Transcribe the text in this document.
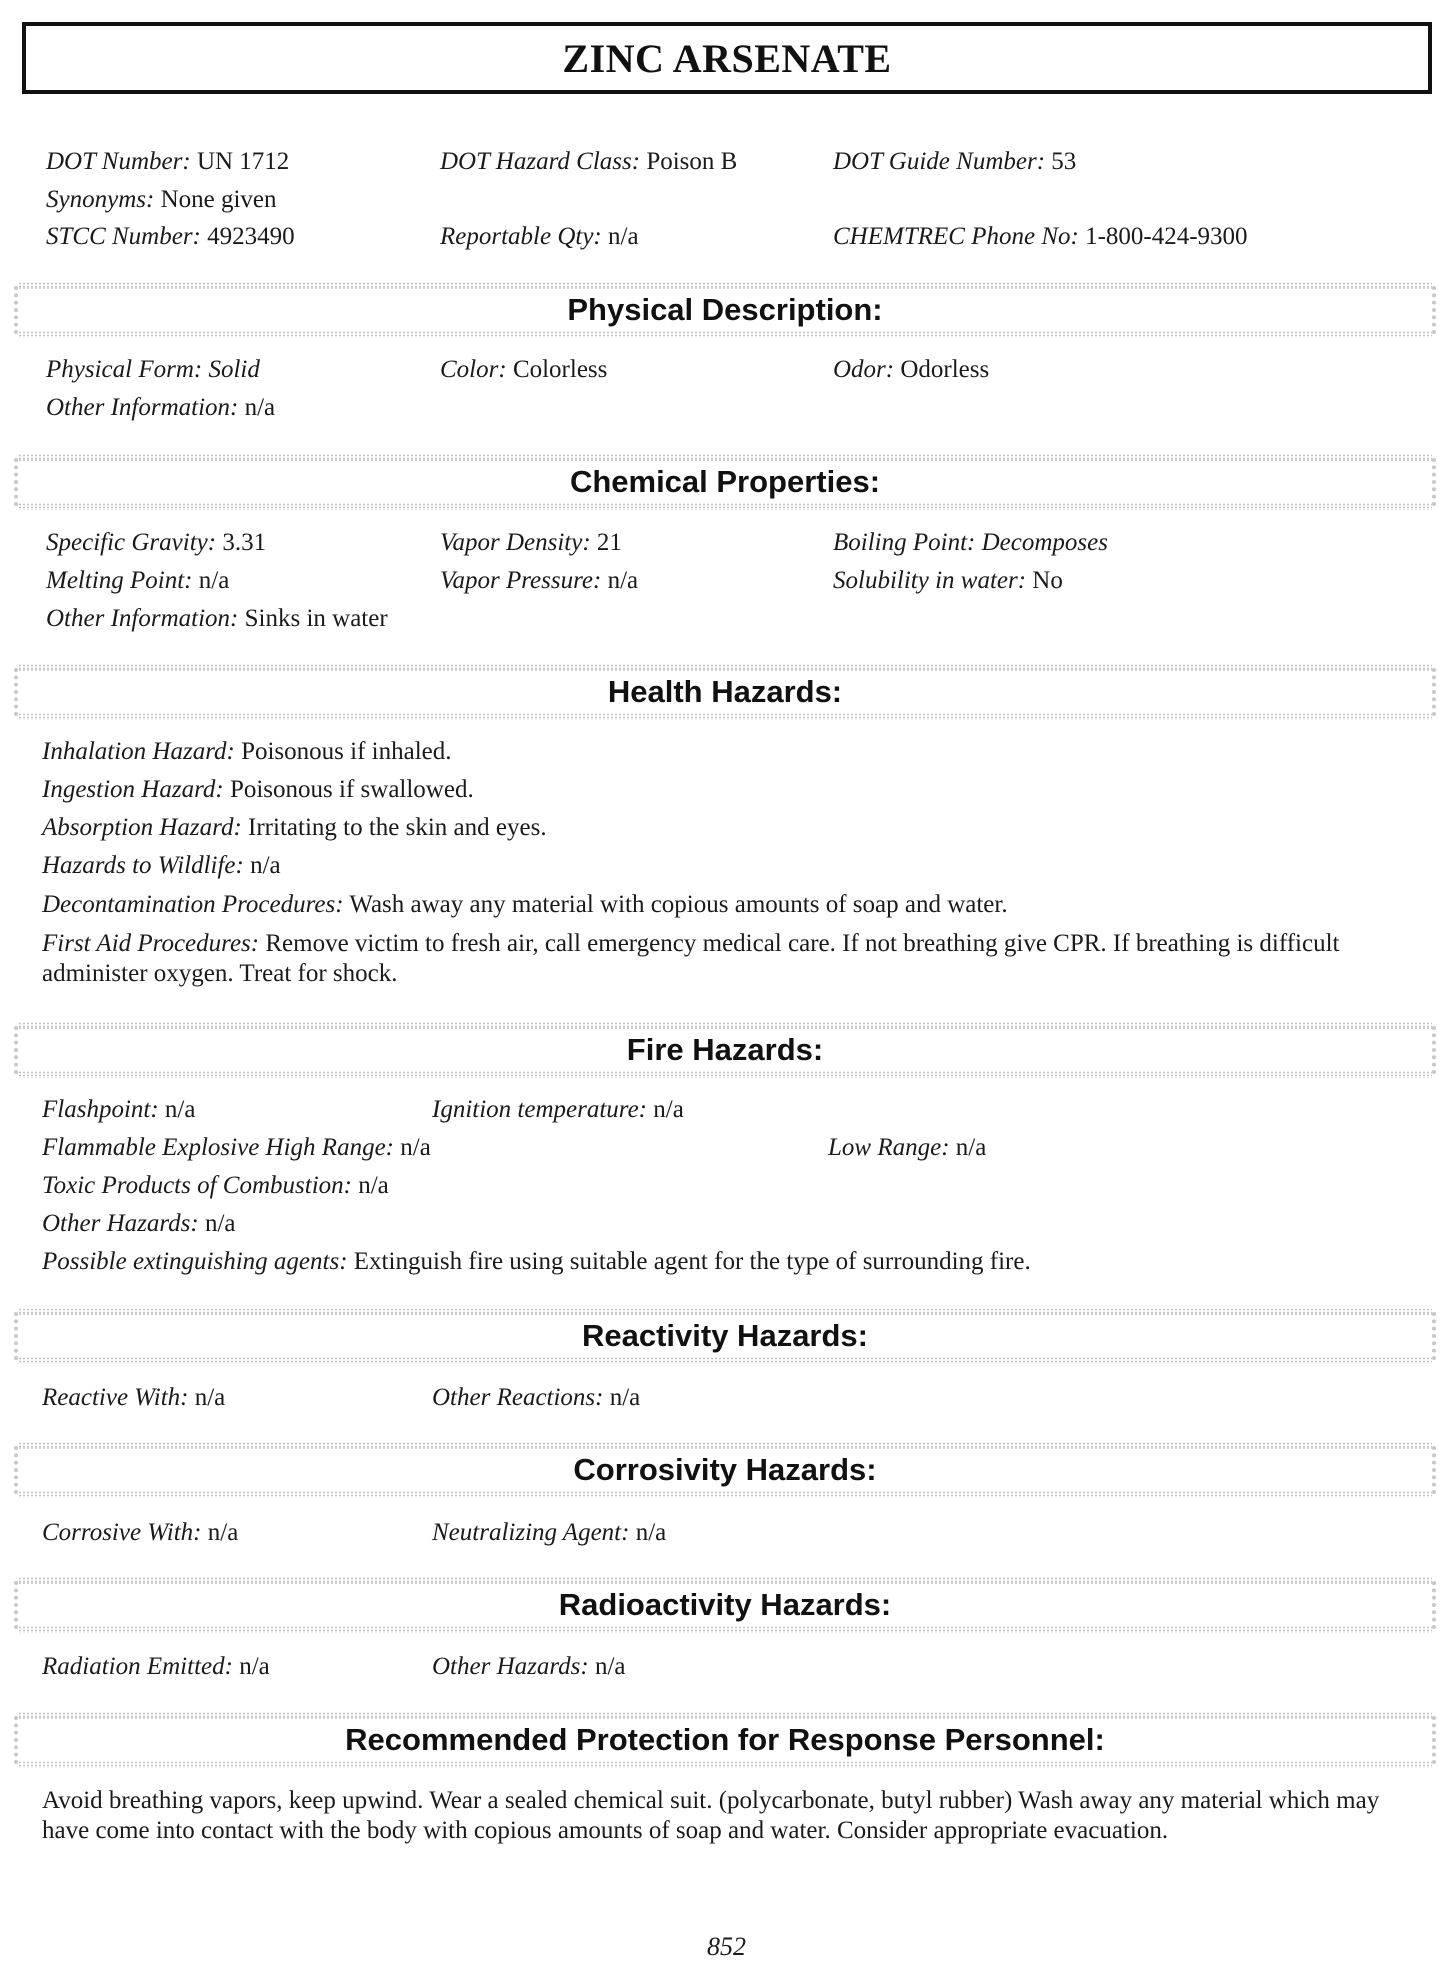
ZINC ARSENATE
DOT Number: UN 1712	DOT Hazard Class: Poison B	DOT Guide Number: 53
Synonyms: None given
STCC Number: 4923490	Reportable Qty: n/a	CHEMTREC Phone No: 1-800-424-9300
Physical Description:
Physical Form: Solid	Color: Colorless	Odor: Odorless
Other Information: n/a
Chemical Properties:
Specific Gravity: 3.31	Vapor Density: 21	Boiling Point: Decomposes
Melting Point: n/a	Vapor Pressure: n/a	Solubility in water: No
Other Information: Sinks in water
Health Hazards:
Inhalation Hazard: Poisonous if inhaled.
Ingestion Hazard: Poisonous if swallowed.
Absorption Hazard: Irritating to the skin and eyes.
Hazards to Wildlife: n/a
Decontamination Procedures: Wash away any material with copious amounts of soap and water.
First Aid Procedures: Remove victim to fresh air, call emergency medical care. If not breathing give CPR. If breathing is difficult administer oxygen. Treat for shock.
Fire Hazards:
Flashpoint: n/a	Ignition temperature: n/a
Flammable Explosive High Range: n/a	Low Range: n/a
Toxic Products of Combustion: n/a
Other Hazards: n/a
Possible extinguishing agents: Extinguish fire using suitable agent for the type of surrounding fire.
Reactivity Hazards:
Reactive With: n/a	Other Reactions: n/a
Corrosivity Hazards:
Corrosive With: n/a	Neutralizing Agent: n/a
Radioactivity Hazards:
Radiation Emitted: n/a	Other Hazards: n/a
Recommended Protection for Response Personnel:
Avoid breathing vapors, keep upwind. Wear a sealed chemical suit. (polycarbonate, butyl rubber) Wash away any material which may have come into contact with the body with copious amounts of soap and water. Consider appropriate evacuation.
852
